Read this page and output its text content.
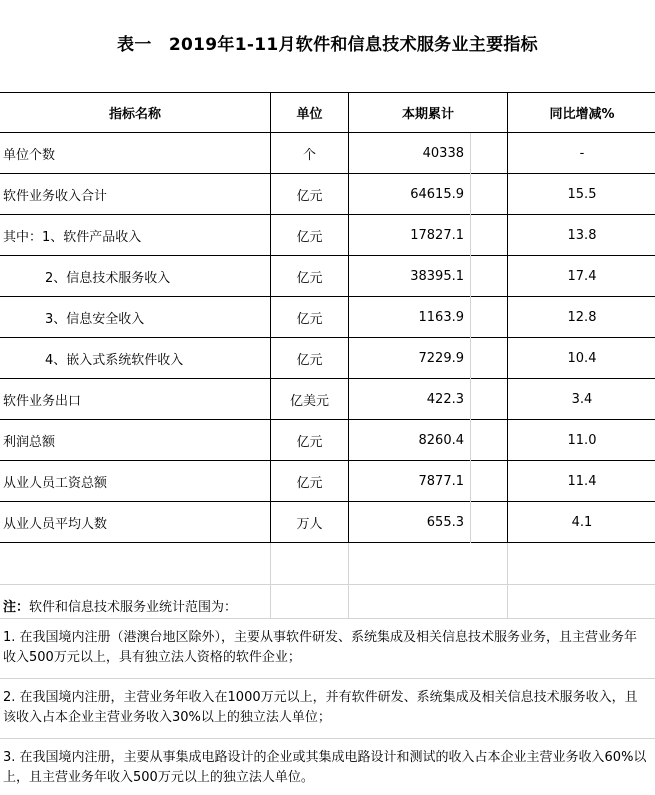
表一　2019年1-11月软件和信息技术服务业主要指标
指标名称	单位	本期累计	同比增减%
单位个数	个	40338	-
软件业务收入合计	亿元	64615.9	15.5
其中：1、软件产品收入	亿元	17827.1	13.8
2、信息技术服务收入	亿元	38395.1	17.4
3、信息安全收入	亿元	1163.9	12.8
4、嵌入式系统软件收入	亿元	7229.9	10.4
软件业务出口	亿美元	422.3	3.4
利润总额	亿元	8260.4	11.0
从业人员工资总额	亿元	7877.1	11.4
从业人员平均人数	万人	655.3	4.1
注：软件和信息技术服务业统计范围为：
1. 在我国境内注册（港澳台地区除外），主要从事软件研发、系统集成及相关信息技术服务业务，且主营业务年收入500万元以上，具有独立法人资格的软件企业；
2. 在我国境内注册，主营业务年收入在1000万元以上，并有软件研发、系统集成及相关信息技术服务收入，且该收入占本企业主营业务收入30%以上的独立法人单位；
3. 在我国境内注册，主要从事集成电路设计的企业或其集成电路设计和测试的收入占本企业主营业务收入60%以上，且主营业务年收入500万元以上的独立法人单位。
